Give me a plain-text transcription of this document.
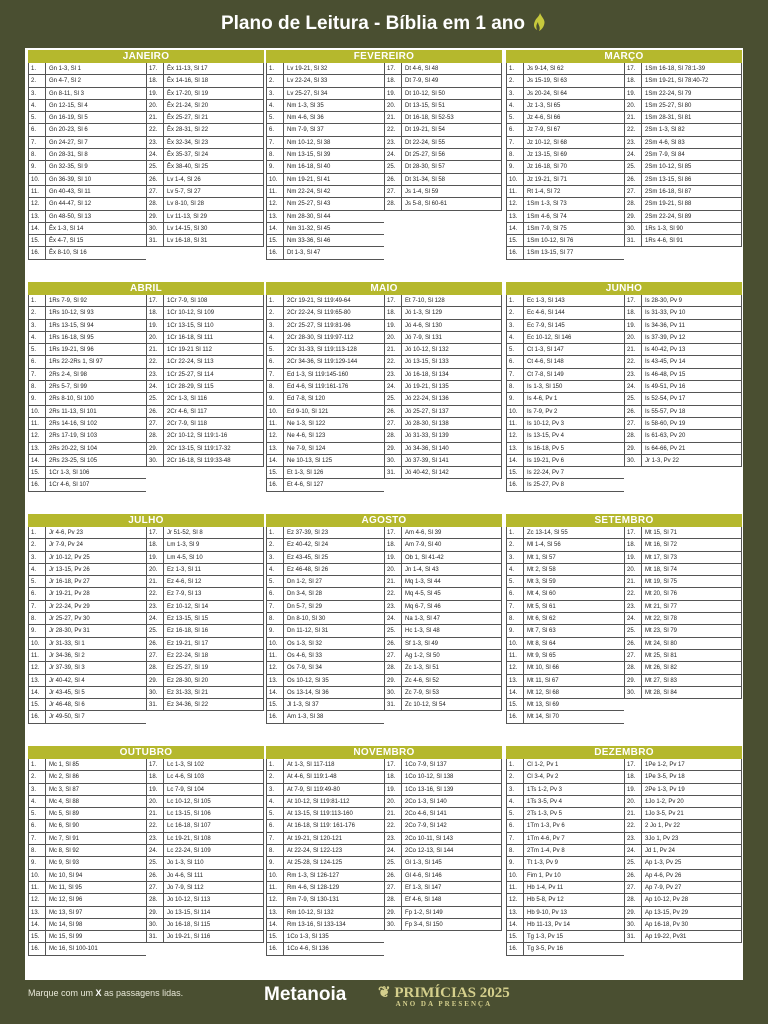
Plano de Leitura - Bíblia em 1 ano
JANEIRO
1.	Gn 1-3, Sl 1
2.	Gn 4-7, Sl 2
3.	Gn 8-11, Sl 3
4.	Gn 12-15, Sl 4
5.	Gn 16-19, Sl 5
6.	Gn 20-23, Sl 6
7.	Gn 24-27, Sl 7
8.	Gn 28-31, Sl 8
9.	Gn 32-35, Sl 9
10.	Gn 36-39, Sl 10
11.	Gn 40-43, Sl 11
12.	Gn 44-47, Sl 12
13.	Gn 48-50, Sl 13
14.	Êx 1-3, Sl 14
15.	Êx 4-7, Sl 15
16.	Êx 8-10, Sl 16
17.	Êx 11-13, Sl 17
18.	Êx 14-16, Sl 18
19.	Êx 17-20, Sl 19
20.	Êx 21-24, Sl 20
21.	Êx 25-27, Sl 21
22.	Êx 28-31, Sl 22
23.	Êx 32-34, Sl 23
24.	Êx 35-37, Sl 24
25.	Êx 38-40, Sl 25
26.	Lv 1-4, Sl 26
27.	Lv 5-7, Sl 27
28.	Lv 8-10, Sl 28
29.	Lv 11-13, Sl 29
30.	Lv 14-15, Sl 30
31.	Lv 16-18, Sl 31
FEVEREIRO
1.	Lv 19-21, Sl 32
2.	Lv 22-24, Sl 33
3.	Lv 25-27, Sl 34
4.	Nm 1-3, Sl 35
5.	Nm 4-6, Sl 36
6.	Nm 7-9, Sl 37
7.	Nm 10-12, Sl 38
8.	Nm 13-15, Sl 39
9.	Nm 16-18, Sl 40
10.	Nm 19-21, Sl 41
11.	Nm 22-24, Sl 42
12.	Nm 25-27, Sl 43
13.	Nm 28-30, Sl 44
14.	Nm 31-32, Sl 45
15.	Nm 33-36, Sl 46
16.	Dt 1-3, Sl 47
17.	Dt 4-6, Sl 48
18.	Dt 7-9, Sl 49
19.	Dt 10-12, Sl 50
20.	Dt 13-15, Sl 51
21.	Dt 16-18, Sl 52-53
22.	Dt 19-21, Sl 54
23.	Dt 22-24, Sl 55
24.	Dt 25-27, Sl 56
25.	Dt 28-30, Sl 57
26.	Dt 31-34, Sl 58
27.	Js 1-4, Sl 59
28.	Js 5-8, Sl 60-61
MARÇO
1.	Js 9-14, Sl 62
2.	Js 15-19, Sl 63
3.	Js 20-24, Sl 64
4.	Jz 1-3, Sl 65
5.	Jz 4-6, Sl 66
6.	Jz 7-9, Sl 67
7.	Jz 10-12, Sl 68
8.	Jz 13-15, Sl 69
9.	Jz 16-18, Sl 70
10.	Jz 19-21, Sl 71
11.	Rt 1-4, Sl 72
12.	1Sm 1-3, Sl 73
13.	1Sm 4-6, Sl 74
14.	1Sm 7-9, Sl 75
15.	1Sm 10-12, Sl 76
16.	1Sm 13-15, Sl 77
17.	1Sm 16-18, Sl 78:1-39
18.	1Sm 19-21, Sl 78:40-72
19.	1Sm 22-24, Sl 79
20.	1Sm 25-27, Sl 80
21.	1Sm 28-31, Sl 81
22.	2Sm 1-3, Sl 82
23.	2Sm 4-6, Sl 83
24.	2Sm 7-9, Sl 84
25.	2Sm 10-12, Sl 85
26.	2Sm 13-15, Sl 86
27.	2Sm 16-18, Sl 87
28.	2Sm 19-21, Sl 88
29.	2Sm 22-24, Sl 89
30.	1Rs 1-3, Sl 90
31.	1Rs 4-6, Sl 91
ABRIL
1.	1Rs 7-9, Sl 92
2.	1Rs 10-12, Sl 93
3.	1Rs 13-15, Sl 94
4.	1Rs 16-18, Sl 95
5.	1Rs 19-21, Sl 96
6.	1Rs 22-2Rs 1, Sl 97
7.	2Rs 2-4, Sl 98
8.	2Rs 5-7, Sl 99
9.	2Rs 8-10, Sl 100
10.	2Rs 11-13, Sl 101
11.	2Rs 14-16, Sl 102
12.	2Rs 17-19, Sl 103
13.	2Rs 20-22, Sl 104
14.	2Rs 23-25, Sl 105
15.	1Cr 1-3, Sl 106
16.	1Cr 4-6, Sl 107
17.	1Cr 7-9, Sl 108
18.	1Cr 10-12, Sl 109
19.	1Cr 13-15, Sl 110
20.	1Cr 16-18, Sl 111
21.	1Cr 19-21 Sl 112
22.	1Cr 22-24, Sl 113
23.	1Cr 25-27, Sl 114
24.	1Cr 28-29, Sl 115
25.	2Cr 1-3, Sl 116
26.	2Cr 4-6, Sl 117
27.	2Cr 7-9, Sl 118
28.	2Cr 10-12, Sl 119:1-16
29.	2Cr 13-15, Sl 119:17-32
30.	2Cr 16-18, Sl 119:33-48
MAIO
1.	2Cr 19-21, Sl 119:49-64
2.	2Cr 22-24, Sl 119:65-80
3.	2Cr 25-27, Sl 119:81-96
4.	2Cr 28-30, Sl 119:97-112
5.	2Cr 31-33, Sl 119:113-128
6.	2Cr 34-36, Sl 119:129-144
7.	Ed 1-3, Sl 119:145-160
8.	Ed 4-6, Sl 119:161-176
9.	Ed 7-8, Sl 120
10.	Ed 9-10, Sl 121
11.	Ne 1-3, Sl 122
12.	Ne 4-6, Sl 123
13.	Ne 7-9, Sl 124
14.	Ne 10-13, Sl 125
15.	Et 1-3, Sl 126
16.	Et 4-6, Sl 127
17.	Et 7-10, Sl 128
18.	Jó 1-3, Sl 129
19.	Jó 4-6, Sl 130
20.	Jó 7-9, Sl 131
21.	Jó 10-12, Sl 132
22.	Jó 13-15, Sl 133
23.	Jó 16-18, Sl 134
24.	Jó 19-21, Sl 135
25.	Jó 22-24, Sl 136
26.	Jó 25-27, Sl 137
27.	Jó 28-30, Sl 138
28.	Jó 31-33, Sl 139
29.	Jó 34-36, Sl 140
30.	Jó 37-39, Sl 141
31.	Jó 40-42, Sl 142
JUNHO
1.	Ec 1-3, Sl 143
2.	Ec 4-6, Sl 144
3.	Ec 7-9, Sl 145
4.	Ec 10-12, Sl 146
5.	Ct 1-3, Sl 147
6.	Ct 4-6, Sl 148
7.	Ct 7-8, Sl 149
8.	Is 1-3, Sl 150
9.	Is 4-6, Pv 1
10.	Is 7-9, Pv 2
11.	Is 10-12, Pv 3
12.	Is 13-15, Pv 4
13.	Is 16-18, Pv 5
14.	Is 19-21, Pv 6
15.	Is 22-24, Pv 7
16.	Is 25-27, Pv 8
17.	Is 28-30, Pv 9
18.	Is 31-33, Pv 10
19.	Is 34-36, Pv 11
20.	Is 37-39, Pv 12
21.	Is 40-42, Pv 13
22.	Is 43-45, Pv 14
23.	Is 46-48, Pv 15
24.	Is 49-51, Pv 16
25.	Is 52-54, Pv 17
26.	Is 55-57, Pv 18
27.	Is 58-60, Pv 19
28.	Is 61-63, Pv 20
29.	Is 64-66, Pv 21
30.	Jr 1-3, Pv 22
JULHO
1.	Jr 4-6, Pv 23
2.	Jr 7-9, Pv 24
3.	Jr 10-12, Pv 25
4.	Jr 13-15, Pv 26
5.	Jr 16-18, Pv 27
6.	Jr 19-21, Pv 28
7.	Jr 22-24, Pv 29
8.	Jr 25-27, Pv 30
9.	Jr 28-30, Pv 31
10.	Jr 31-33, Sl 1
11.	Jr 34-36, Sl 2
12.	Jr 37-39, Sl 3
13.	Jr 40-42, Sl 4
14.	Jr 43-45, Sl 5
15.	Jr 46-48, Sl 6
16.	Jr 49-50, Sl 7
17.	Jr 51-52, Sl 8
18.	Lm 1-3, Sl 9
19.	Lm 4-5, Sl 10
20.	Ez 1-3, Sl 11
21.	Ez 4-6, Sl 12
22.	Ez 7-9, Sl 13
23.	Ez 10-12, Sl 14
24.	Ez 13-15, Sl 15
25.	Ez 16-18, Sl 16
26.	Ez 19-21, Sl 17
27.	Ez 22-24, Sl 18
28.	Ez 25-27, Sl 19
29.	Ez 28-30, Sl 20
30.	Ez 31-33, Sl 21
31.	Ez 34-36, Sl 22
AGOSTO
1.	Ez 37-39, Sl 23
2.	Ez 40-42, Sl 24
3.	Ez 43-45, Sl 25
4.	Ez 46-48, Sl 26
5.	Dn 1-2, Sl 27
6.	Dn 3-4, Sl 28
7.	Dn 5-7, Sl 29
8.	Dn 8-10, Sl 30
9.	Dn 11-12, Sl 31
10.	Os 1-3, Sl 32
11.	Os 4-6, Sl 33
12.	Os 7-9, Sl 34
13.	Os 10-12, Sl 35
14.	Os 13-14, Sl 36
15.	Jl 1-3, Sl 37
16.	Am 1-3, Sl 38
17.	Am 4-6, Sl 39
18.	Am 7-9, Sl 40
19.	Ob 1, Sl 41-42
20.	Jn 1-4, Sl 43
21.	Mq 1-3, Sl 44
22.	Mq 4-5, Sl 45
23.	Mq 6-7, Sl 46
24.	Na 1-3, Sl 47
25.	Hc 1-3, Sl 48
26.	Sf 1-3, Sl 49
27.	Ag 1-2, Sl 50
28.	Zc 1-3, Sl 51
29.	Zc 4-6, Sl 52
30.	Zc 7-9, Sl 53
31.	Zc 10-12, Sl 54
SETEMBRO
1.	Zc 13-14, Sl 55
2.	Ml 1-4, Sl 56
3.	Mt 1, Sl 57
4.	Mt 2, Sl 58
5.	Mt 3, Sl 59
6.	Mt 4, Sl 60
7.	Mt 5, Sl 61
8.	Mt 6, Sl 62
9.	Mt 7, Sl 63
10.	Mt 8, Sl 64
11.	Mt 9, Sl 65
12.	Mt 10, Sl 66
13.	Mt 11, Sl 67
14.	Mt 12, Sl 68
15.	Mt 13, Sl 69
16.	Mt 14, Sl 70
17.	Mt 15, Sl 71
18.	Mt 16, Sl 72
19.	Mt 17, Sl 73
20.	Mt 18, Sl 74
21.	Mt 19, Sl 75
22.	Mt 20, Sl 76
23.	Mt 21, Sl 77
24.	Mt 22, Sl 78
25.	Mt 23, Sl 79
26.	Mt 24, Sl 80
27.	Mt 25, Sl 81
28.	Mt 26, Sl 82
29.	Mt 27, Sl 83
30.	Mt 28, Sl 84
OUTUBRO
1.	Mc 1, Sl 85
2.	Mc 2, Sl 86
3.	Mc 3, Sl 87
4.	Mc 4, Sl 88
5.	Mc 5, Sl 89
6.	Mc 6, Sl 90
7.	Mc 7, Sl 91
8.	Mc 8, Sl 92
9.	Mc 9, Sl 93
10.	Mc 10, Sl 94
11.	Mc 11, Sl 95
12.	Mc 12, Sl 96
13.	Mc 13, Sl 97
14.	Mc 14, Sl 98
15.	Mc 15, Sl 99
16.	Mc 16, Sl 100-101
17.	Lc 1-3, Sl 102
18.	Lc 4-6, Sl 103
19.	Lc 7-9, Sl 104
20.	Lc 10-12, Sl 105
21.	Lc 13-15, Sl 106
22.	Lc 16-18, Sl 107
23.	Lc 19-21, Sl 108
24.	Lc 22-24, Sl 109
25.	Jo 1-3, Sl 110
26.	Jo 4-6, Sl 111
27.	Jo 7-9, Sl 112
28.	Jo 10-12, Sl 113
29.	Jo 13-15, Sl 114
30.	Jo 16-18, Sl 115
31.	Jo 19-21, Sl 116
NOVEMBRO
1.	At 1-3, Sl 117-118
2.	At 4-6, Sl 119:1-48
3.	At 7-9, Sl 119:49-80
4.	At 10-12, Sl 119:81-112
5.	At 13-15, Sl 119:113-160
6.	At 16-18, Sl 119: 161-176
7.	At 19-21, Sl 120-121
8.	At 22-24, Sl 122-123
9.	At 25-28, Sl 124-125
10.	Rm 1-3, Sl 126-127
11.	Rm 4-6, Sl 128-129
12.	Rm 7-9, Sl 130-131
13.	Rm 10-12, Sl 132
14.	Rm 13-16, Sl 133-134
15.	1Co 1-3, Sl 135
16.	1Co 4-6, Sl 136
17.	1Co 7-9, Sl 137
18.	1Co 10-12, Sl 138
19.	1Co 13-16, Sl 139
20.	2Co 1-3, Sl 140
21.	2Co 4-6, Sl 141
22.	2Co 7-9, Sl 142
23.	2Co 10-11, Sl 143
24.	2Co 12-13, Sl 144
25.	Gl 1-3, Sl 145
26.	Gl 4-6, Sl 146
27.	Ef 1-3, Sl 147
28.	Ef 4-6, Sl 148
29.	Fp 1-2, Sl 149
30.	Fp 3-4, Sl 150
DEZEMBRO
1.	Cl 1-2, Pv 1
2.	Cl 3-4, Pv 2
3.	1Ts 1-2, Pv 3
4.	1Ts 3-5, Pv 4
5.	2Ts 1-3, Pv 5
6.	1Tm 1-3, Pv 6
7.	1Tm 4-6, Pv 7
8.	2Tm 1-4, Pv 8
9.	Tt 1-3, Pv 9
10.	Fim 1, Pv 10
11.	Hb 1-4, Pv 11
12.	Hb 5-8, Pv 12
13.	Hb 9-10, Pv 13
14.	Hb 11-13, Pv 14
15.	Tg 1-3, Pv 15
16.	Tg 3-5, Pv 16
17.	1Pe 1-2, Pv 17
18.	1Pe 3-5, Pv 18
19.	2Pe 1-3, Pv 19
20.	1Jo 1-2, Pv 20
21.	1Jo 3-5, Pv 21
22.	2 Jo 1, Pv 22
23.	3Jo 1, Pv 23
24.	Jd 1, Pv 24
25.	Ap 1-3, Pv 25
26.	Ap 4-6, Pv 26
27.	Ap 7-9, Pv 27
28.	Ap 10-12, Pv 28
29.	Ap 13-15, Pv 29
30.	Ap 16-18, Pv 30
31.	Ap 19-22, Pv31
Marque com um X as passagens lidas.	Metanoia ❦ PRIMÍCIAS 2025
ANO DA PRESENÇA
